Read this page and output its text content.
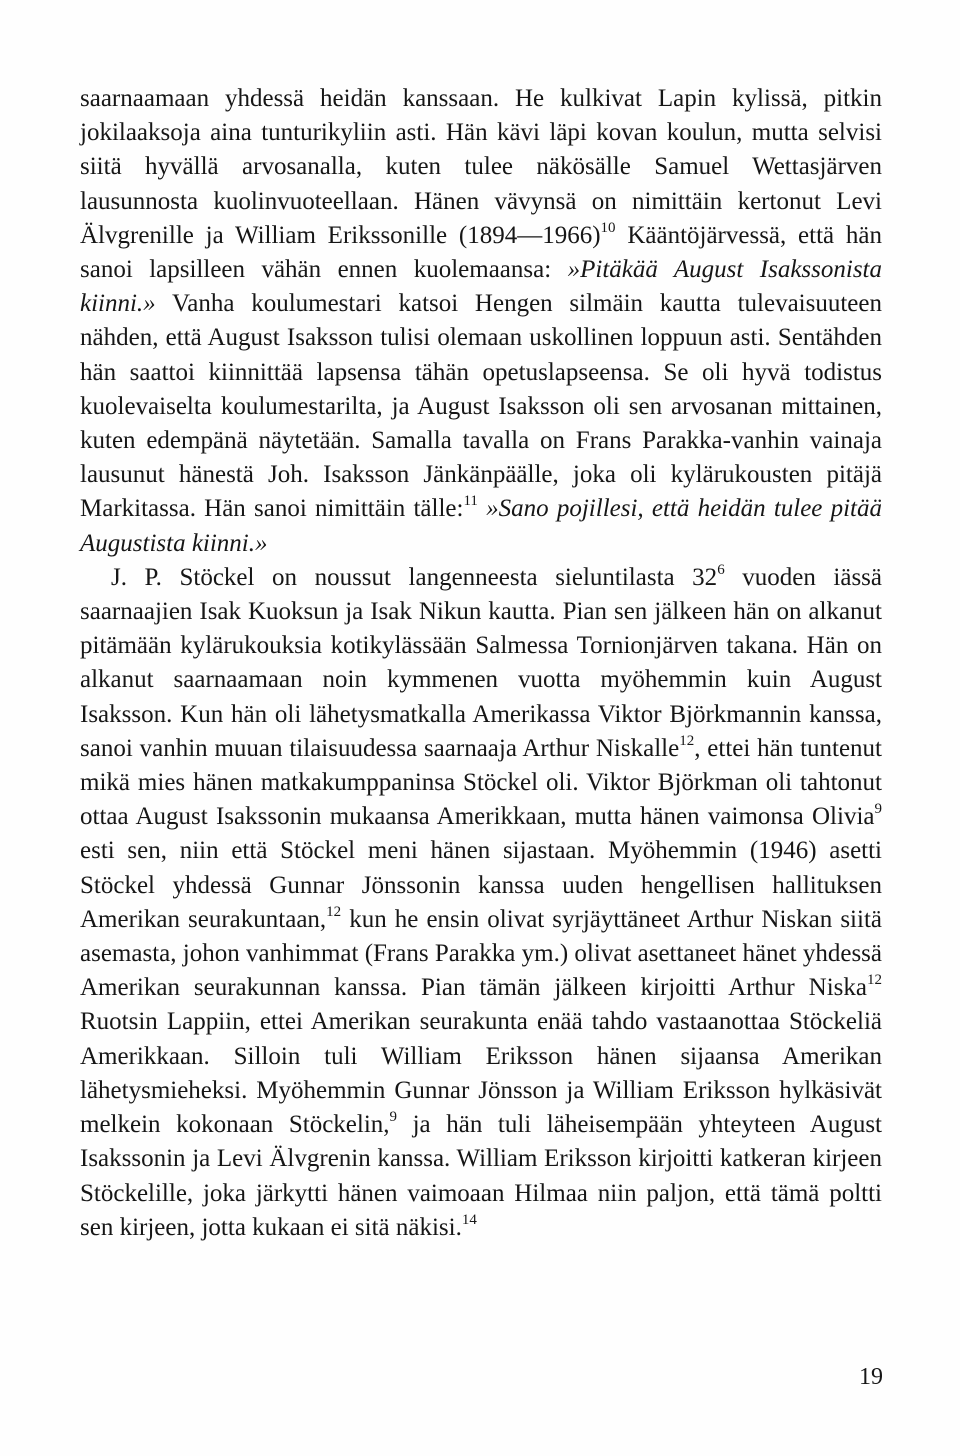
saarnaamaan yhdessä heidän kanssaan. He kulkivat Lapin kylissä, pitkin jokilaaksoja aina tunturikyliin asti. Hän kävi läpi kovan koulun, mutta selvisi siitä hyvällä arvosanalla, kuten tulee näkösälle Samuel Wettasjärven lausunnosta kuolinvuoteellaan. Hänen vävynsä on nimittäin kertonut Levi Älvgrenille ja William Erikssonille (1894—1966)$^{10}$ Kääntöjärvessä, että hän sanoi lapsilleen vähän ennen kuolemaansa: »Pitäkää August Isakssonista kiinni.» Vanha koulumestari katsoi Hengen silmäin kautta tulevaisuuteen nähden, että August Isaksson tulisi olemaan uskollinen loppuun asti. Sentähden hän saattoi kiinnittää lapsensa tähän opetuslapseensa. Se oli hyvä todistus kuolevaiselta koulumestarilta, ja August Isaksson oli sen arvosanan mittainen, kuten edempänä näytetään. Samalla tavalla on Frans Parakka-vanhin vainaja lausunut hänestä Joh. Isaksson Jänkänpäälle, joka oli kylärukousten pitäjä Markitassa. Hän sanoi nimittäin tälle:$^{11}$ »Sano pojillesi, että heidän tulee pitää Augustista kiinni.»

J. P. Stöckel on noussut langenneesta sieluntilasta $32^6$ vuoden iässä saarnaajien Isak Kuoksun ja Isak Nikun kautta. Pian sen jälkeen hän on alkanut pitämään kylärukouksia kotikylässään Salmessa Tornionjärven takana. Hän on alkanut saarnaamaan noin kymmenen vuotta myöhemmin kuin August Isaksson. Kun hän oli lähetysmatkalla Amerikassa Viktor Björkmannin kanssa, sanoi vanhin muuan tilaisuudessa saarnaaja Arthur Niskalle$^{12}$, ettei hän tuntenut mikä mies hänen matkakumppaninsa Stöckel oli. Viktor Björkman oli tahtonut ottaa August Isakssonin mukaansa Amerikkaan, mutta hänen vaimonsa Olivia$^9$ esti sen, niin että Stöckel meni hänen sijastaan. Myöhemmin (1946) asetti Stöckel yhdessä Gunnar Jönssonin kanssa uuden hengellisen hallituksen Amerikan seurakuntaan,$^{12}$ kun he ensin olivat syrjäyttäneet Arthur Niskan siitä asemasta, johon vanhimmat (Frans Parakka ym.) olivat asettaneet hänet yhdessä Amerikan seurakunnan kanssa. Pian tämän jälkeen kirjoitti Arthur Niska$^{12}$ Ruotsin Lappiin, ettei Amerikan seurakunta enää tahdo vastaanottaa Stöckeliä Amerikkaan. Silloin tuli William Eriksson hänen sijaansa Amerikan lähetysmieheksi. Myöhemmin Gunnar Jönsson ja William Eriksson hylkäsivät melkein kokonaan Stöckelin,$^9$ ja hän tuli läheisempään yhteyteen August Isakssonin ja Levi Älvgrenin kanssa. William Eriksson kirjoitti katkeran kirjeen Stöckelille, joka järkytti hänen vaimoaan Hilmaa niin paljon, että tämä poltti sen kirjeen, jotta kukaan ei sitä näkisi.$^{14}$

19
